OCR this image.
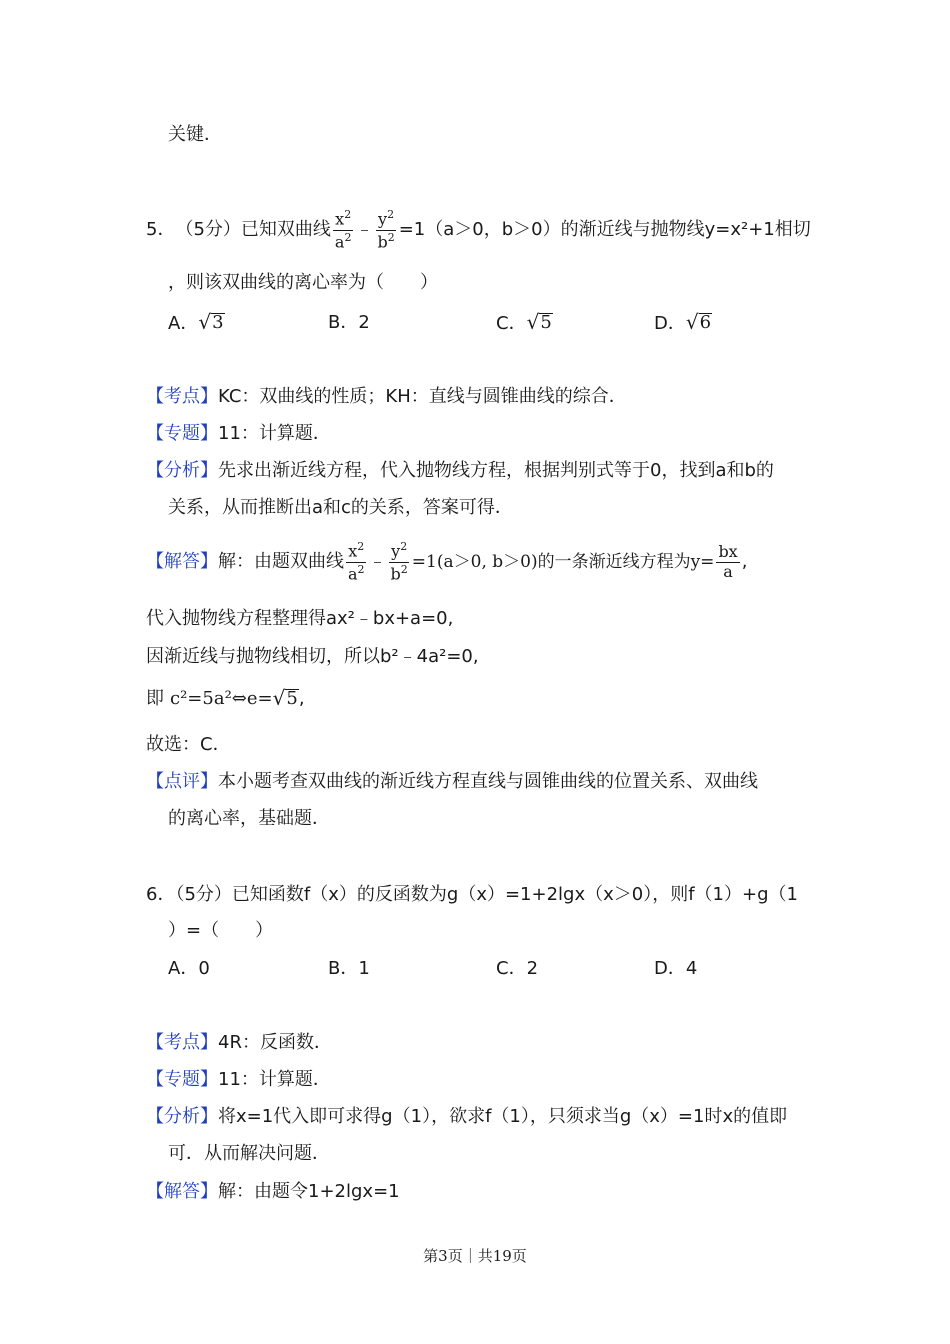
关键．
5． （5分） 已知双曲线 $\frac{x^2}{a^2}$ ﹣ $\frac{y^2}{b^2} =1(a>0$，b＞0）的渐近线与抛物线y=x²+1相切
，则该双曲线的离心率为（　　）
A． √ 3	B．2	C． √ 5	D． √ 6
【考点】KC：双曲线的性质；KH：直线与圆锥曲线的综合．
【专题】11：计算题．
【分析】先求出渐近线方程，代入抛物线方程，根据判别式等于0，找到a和b的
关系，从而推断出a和c的关系，答案可得．
【解答】 解：由题双曲线 $\frac{x^2}{a^2}$ ﹣ $\frac{y^2}{b^2} =1(a>0$, b＞0)的一条渐近线方程为 $y= \frac{bx}{a}$ ,
代入抛物线方程整理得ax²﹣bx+a=0,
因渐近线与抛物线相切，所以b²﹣4a²=0,
即 c²=5a²⇔e= √ 5 ,
故选：C．
【点评】本小题考查双曲线的渐近线方程直线与圆锥曲线的位置关系、双曲线
的离心率，基础题．
6．（5分）已知函数f（x）的反函数为g（x）=1+2lgx（x＞0），则f（1）+g（1
）=（　　）
A．0	B．1	C．2	D．4
【考点】4R：反函数．
【专题】11：计算题．
【分析】将x=1代入即可求得g（1），欲求f（1），只须求当g（x）=1时x的值即
可．从而解决问题．
【解答】解：由题令1+2lgx=1
第3页｜共19页
